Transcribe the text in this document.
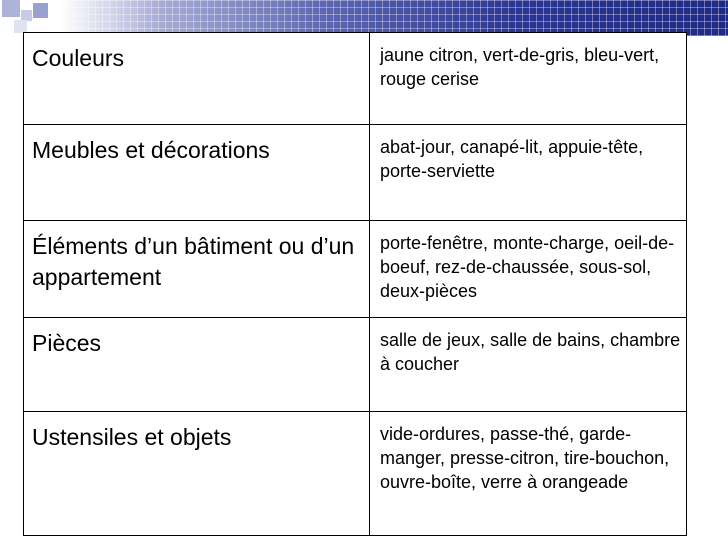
Couleurs	jaune citron, vert-de-gris, bleu-vert, rouge cerise
Meubles et décorations	abat-jour, canapé-lit, appuie-tête, porte-serviette
Éléments d’un bâtiment ou d’un appartement	porte-fenêtre, monte-charge, oeil-de-boeuf, rez-de-chaussée, sous-sol, deux-pièces
Pièces	salle de jeux, salle de bains, chambre à coucher
Ustensiles et objets	vide-ordures, passe-thé, garde-manger, presse-citron, tire-bouchon, ouvre-boîte, verre à orangeade
